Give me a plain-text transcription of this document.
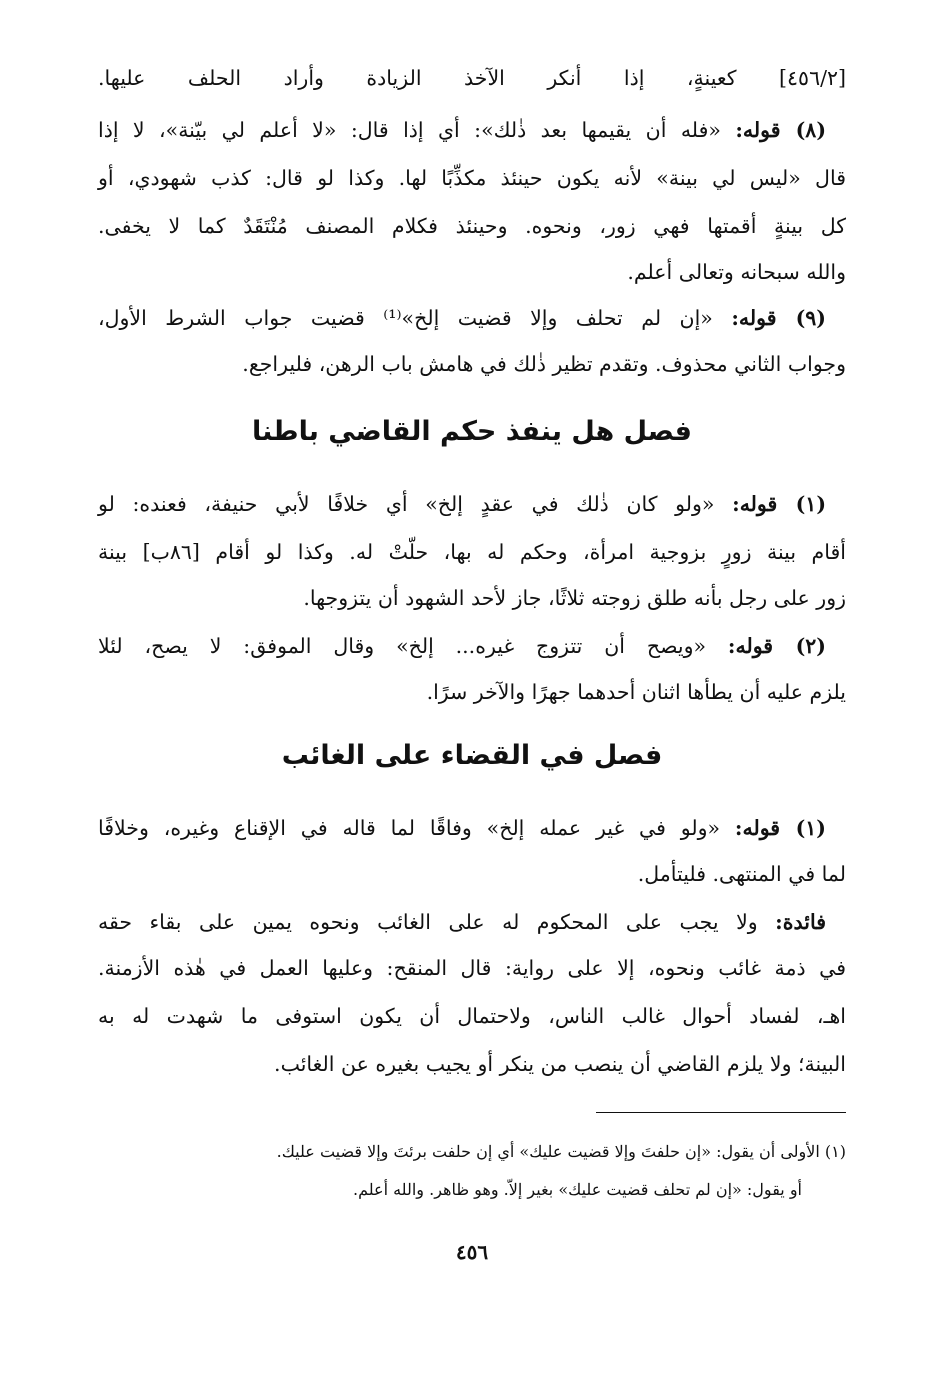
[٤٥٦/٢] كعينةٍ، إذا أنكر الآخذ الزيادة وأراد الحلف عليها.
(٨) قوله: «فله أن يقيمها بعد ذٰلك»: أي إذا قال: «لا أعلم لي بيّنة»، لا إذا
قال «ليس لي بينة» لأنه يكون حينئذ مكذِّبًا لها. وكذا لو قال: كذب شهودي، أو
كل بينةٍ أقمتها فهي زور، ونحوه. وحينئذ فكلام المصنف مُنْتَقَدٌ كما لا يخفى.
والله سبحانه وتعالى أعلم.
(٩) قوله: «إن لم تحلف وإلا قضيت إلخ»⁽¹⁾ قضيت جواب الشرط الأول،
وجواب الثاني محذوف. وتقدم تظير ذٰلك في هامش باب الرهن، فليراجع.
فصل هل ينفذ حكم القاضي باطنا
(١) قوله: «ولو كان ذٰلك في عقدٍ إلخ» أي خلافًا لأبي حنيفة، فعنده: لو
أقام بينة زورٍ بزوجية امرأة، وحكم له بها، حلّتْ له. وكذا لو أقام [٨٦ب] بينة
زور على رجل بأنه طلق زوجته ثلاثًا، جاز لأحد الشهود أن يتزوجها.
(٢) قوله: «ويصح أن تتزوج غيره... إلخ» وقال الموفق: لا يصح، لئلا
يلزم عليه أن يطأها اثنان أحدهما جهرًا والآخر سرًا.
فصل في القضاء على الغائب
(١) قوله: «ولو في غير عمله إلخ» وفاقًا لما قاله في الإقناع وغيره، وخلافًا
لما في المنتهى. فليتأمل.
فائدة: ولا يجب على المحكوم له على الغائب ونحوه يمين على بقاء حقه
في ذمة غائب ونحوه، إلا على رواية: قال المنقح: وعليها العمل في هٰذه الأزمنة.
اهـ، لفساد أحوال غالب الناس، ولاحتمال أن يكون استوفى ما شهدت له به
البينة؛ ولا يلزم القاضي أن ينصب من ينكر أو يجيب بغيره عن الغائب.
(١) الأولى أن يقول: «إن حلفتَ وإلا قضيت عليك» أي إن حلفت برئتَ وإلا قضيت عليك.
أو يقول: «إن لم تحلف قضيت عليك» بغير إلاّ. وهو ظاهر. والله أعلم.
٤٥٦
